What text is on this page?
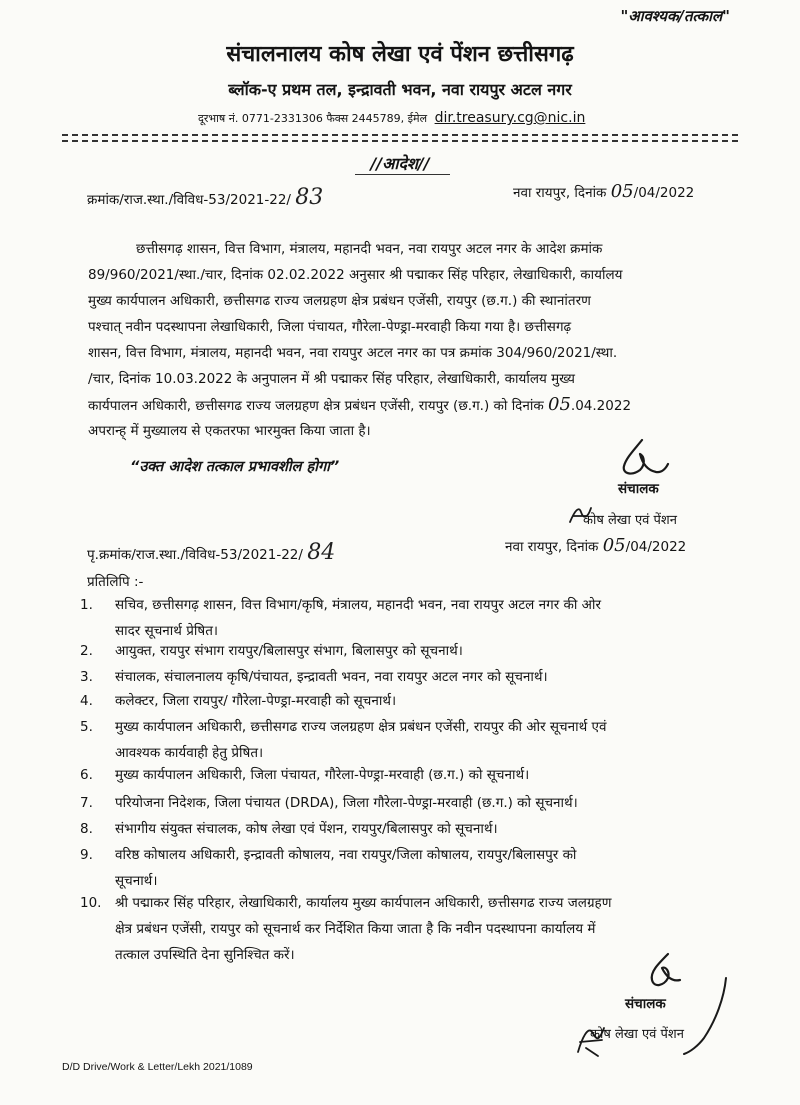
"आवश्यक/तत्काल"
संचालनालय कोष लेखा एवं पेंशन छत्तीसगढ़
ब्लॉक-ए प्रथम तल, इन्द्रावती भवन, नवा रायपुर अटल नगर
दूरभाष नं. 0771-2331306 फैक्स 2445789, ईमेल dir.treasury.cg@nic.in
//आदेश//
क्रमांक/राज.स्था./विविध-53/2021-22/ 83	नवा रायपुर, दिनांक 05/04/2022
छत्तीसगढ़ शासन, वित्त विभाग, मंत्रालय, महानदी भवन, नवा रायपुर अटल नगर के आदेश क्रमांक
89/960/2021/स्था./चार, दिनांक 02.02.2022 अनुसार श्री पद्माकर सिंह परिहार, लेखाधिकारी, कार्यालय
मुख्य कार्यपालन अधिकारी, छत्तीसगढ राज्य जलग्रहण क्षेत्र प्रबंधन एजेंसी, रायपुर (छ.ग.) की स्थानांतरण
पश्चात् नवीन पदस्थापना लेखाधिकारी, जिला पंचायत, गौरेला-पेण्ड्रा-मरवाही किया गया है। छत्तीसगढ़
शासन, वित्त विभाग, मंत्रालय, महानदी भवन, नवा रायपुर अटल नगर का पत्र क्रमांक 304/960/2021/स्था.
/चार, दिनांक 10.03.2022 के अनुपालन में श्री पद्माकर सिंह परिहार, लेखाधिकारी, कार्यालय मुख्य
कार्यपालन अधिकारी, छत्तीसगढ राज्य जलग्रहण क्षेत्र प्रबंधन एजेंसी, रायपुर (छ.ग.) को दिनांक 05.04.2022
अपरान्ह् में मुख्यालय से एकतरफा भारमुक्त किया जाता है।
“उक्त आदेश तत्काल प्रभावशील होगा”
संचालक
कोष लेखा एवं पेंशन
पृ.क्रमांक/राज.स्था./विविध-53/2021-22/ 84	नवा रायपुर, दिनांक 05/04/2022
प्रतिलिपि :-
1.	सचिव, छत्तीसगढ़ शासन, वित्त विभाग/कृषि, मंत्रालय, महानदी भवन, नवा रायपुर अटल नगर की ओर
सादर सूचनार्थ प्रेषित।
2.	आयुक्त, रायपुर संभाग रायपुर/बिलासपुर संभाग, बिलासपुर को सूचनार्थ।
3.	संचालक, संचालनालय कृषि/पंचायत, इन्द्रावती भवन, नवा रायपुर अटल नगर को सूचनार्थ।
4.	कलेक्टर, जिला रायपुर/ गौरेला-पेण्ड्रा-मरवाही को सूचनार्थ।
5.	मुख्य कार्यपालन अधिकारी, छत्तीसगढ राज्य जलग्रहण क्षेत्र प्रबंधन एजेंसी, रायपुर की ओर सूचनार्थ एवं
आवश्यक कार्यवाही हेतु प्रेषित।
6.	मुख्य कार्यपालन अधिकारी, जिला पंचायत, गौरेला-पेण्ड्रा-मरवाही (छ.ग.) को सूचनार्थ।
7.	परियोजना निदेशक, जिला पंचायत (DRDA), जिला गौरेला-पेण्ड्रा-मरवाही (छ.ग.) को सूचनार्थ।
8.	संभागीय संयुक्त संचालक, कोष लेखा एवं पेंशन, रायपुर/बिलासपुर को सूचनार्थ।
9.	वरिष्ठ कोषालय अधिकारी, इन्द्रावती कोषालय, नवा रायपुर/जिला कोषालय, रायपुर/बिलासपुर को
सूचनार्थ।
10.	श्री पद्माकर सिंह परिहार, लेखाधिकारी, कार्यालय मुख्य कार्यपालन अधिकारी, छत्तीसगढ राज्य जलग्रहण
क्षेत्र प्रबंधन एजेंसी, रायपुर को सूचनार्थ कर निर्देशित किया जाता है कि नवीन पदस्थापना कार्यालय में
तत्काल उपस्थिति देना सुनिश्चित करें।
संचालक
कोष लेखा एवं पेंशन
D/D Drive/Work & Letter/Lekh 2021/1089
